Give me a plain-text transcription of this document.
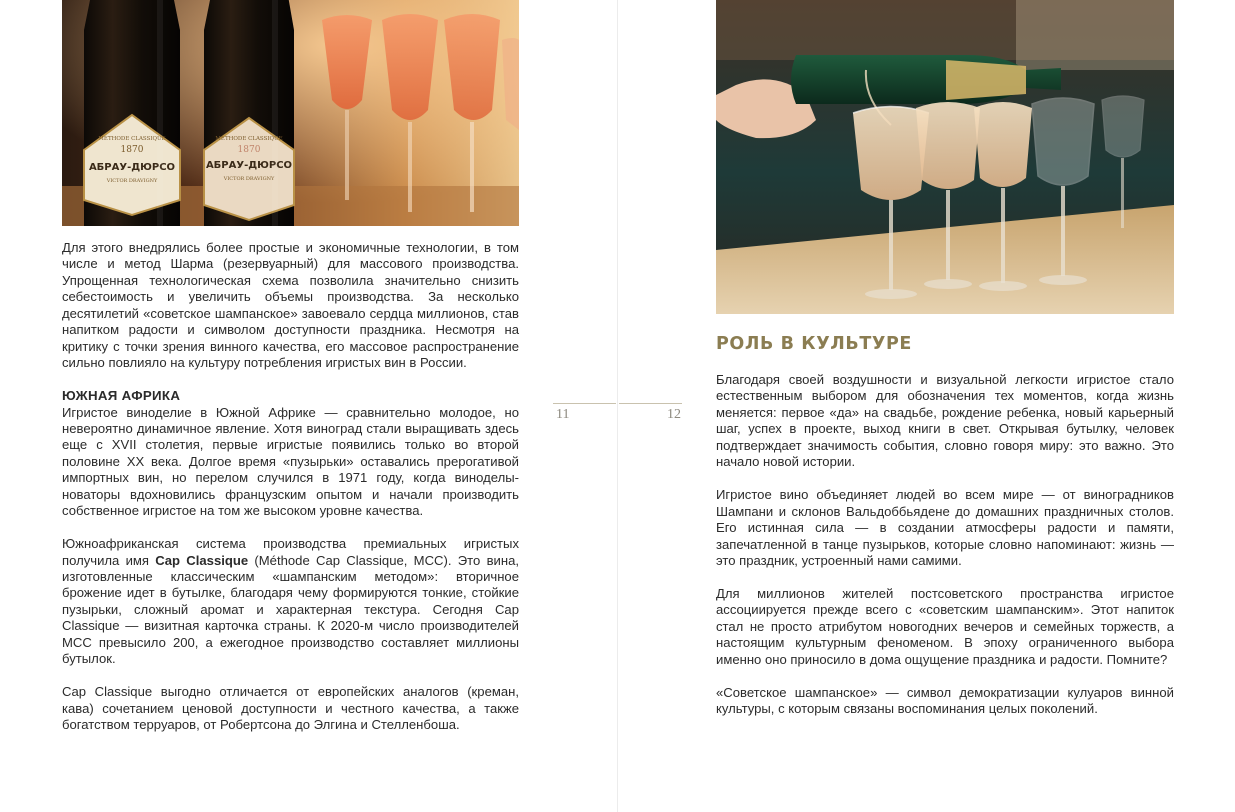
МÉTHODE CLASSIQUE
1870
АБРАУ-ДЮРСО
VICTOR DRAVIGNY
МÉTHODE CLASSIQUE
1870
АБРАУ-ДЮРСО
VICTOR DRAVIGNY

Для этого внедрялись более простые и экономичные технологии, в том числе и метод Шарма (резервуарный) для массового производства. Упрощенная технологическая схема позволила значительно снизить себестоимость и увеличить объемы производства. За несколько десятилетий «советское шампанское» завоевало сердца миллионов, став напитком радости и символом доступности праздника. Несмотря на критику с точки зрения винного качества, его массовое распространение сильно повлияло на культуру потребления игристых вин в России.

ЮЖНАЯ АФРИКА

Игристое виноделие в Южной Африке — сравнительно молодое, но невероятно динамичное явление. Хотя виноград стали выращивать здесь еще с XVII столетия, первые игристые появились только во второй половине XX века. Долгое время «пузырьки» оставались прерогативой импортных вин, но перелом случился в 1971 году, когда виноделы-новаторы вдохновились французским опытом и начали производить собственное игристое на том же высоком уровне качества.

Южноафриканская система производства премиальных игристых получила имя Cap Classique (Méthode Cap Classique, MCC). Это вина, изготовленные классическим «шампанским методом»: вторичное брожение идет в бутылке, благодаря чему формируются тонкие, стойкие пузырьки, сложный аромат и характерная текстура. Сегодня Cap Classique — визитная карточка страны. К 2020-м число производителей MCC превысило 200, а ежегодное производство составляет миллионы бутылок.

Cap Classique выгодно отличается от европейских аналогов (креман, кава) сочетанием ценовой доступности и честного качества, а также богатством терруаров, от Робертсона до Элгина и Стелленбоша.

11	12
РОЛЬ В КУЛЬТУРЕ

Благодаря своей воздушности и визуальной легкости игристое стало естественным выбором для обозначения тех моментов, когда жизнь меняется: первое «да» на свадьбе, рождение ребенка, новый карьерный шаг, успех в проекте, выход книги в свет. Открывая бутылку, человек подтверждает значимость события, словно говоря миру: это важно. Это начало новой истории.

Игристое вино объединяет людей во всем мире — от виноградников Шампани и склонов Вальдоббьядене до домашних праздничных столов. Его истинная сила — в создании атмосферы радости и памяти, запечатленной в танце пузырьков, которые словно напоминают: жизнь — это праздник, устроенный нами самими.

Для миллионов жителей постсоветского пространства игристое ассоциируется прежде всего с «советским шампанским». Этот напиток стал не просто атрибутом новогодних вечеров и семейных торжеств, а настоящим культурным феноменом. В эпоху ограниченного выбора именно оно приносило в дома ощущение праздника и радости. Помните?

«Советское шампанское» — символ демократизации кулуаров винной культуры, с которым связаны воспоминания целых поколений.
